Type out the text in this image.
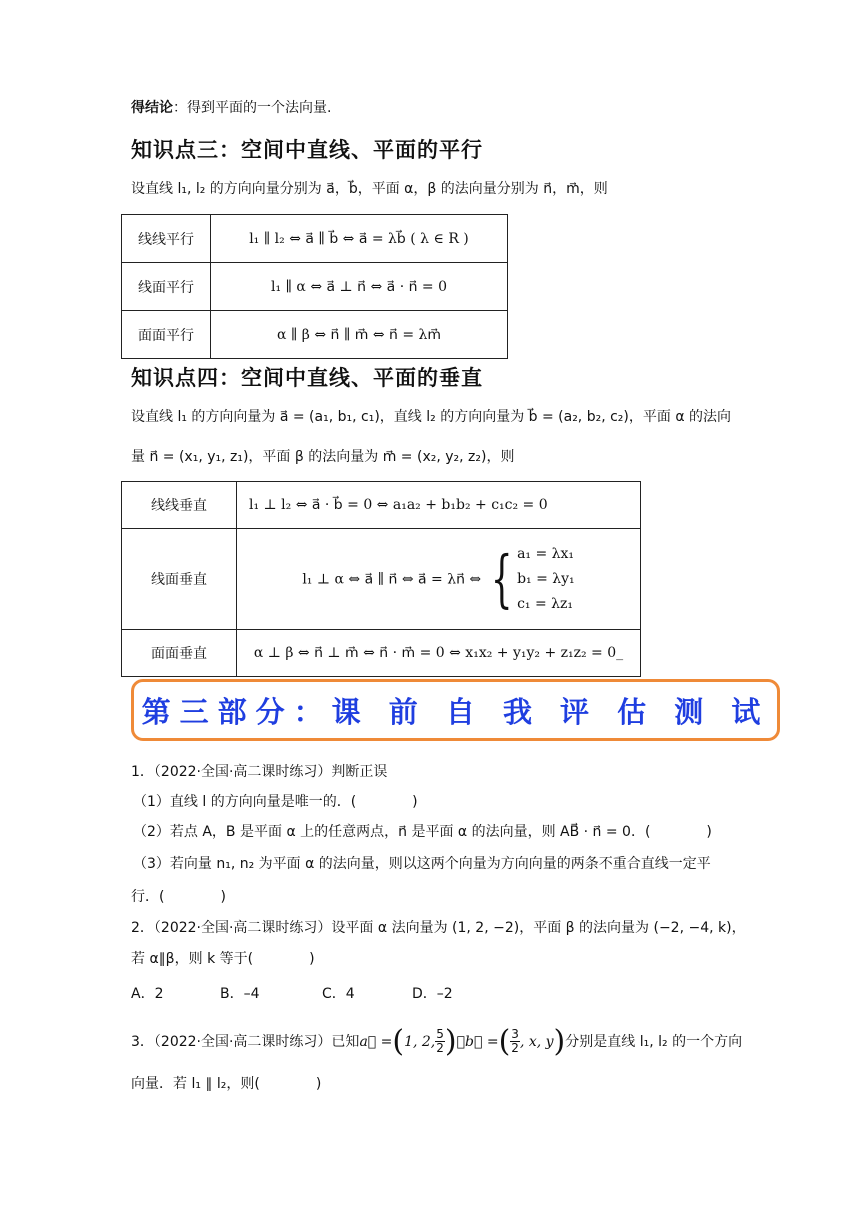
得结论：得到平面的一个法向量.
知识点三：空间中直线、平面的平行
设直线 l₁, l₂ 的方向向量分别为 a⃗，b⃗，平面 α，β 的法向量分别为 n⃗，m⃗，则
线线平行	l₁ ∥ l₂ ⇔ a⃗ ∥ b⃗ ⇔ a⃗ = λb⃗ ( λ ∈ R )
线面平行	l₁ ∥ α ⇔ a⃗ ⊥ n⃗ ⇔ a⃗ · n⃗ = 0
面面平行	α ∥ β ⇔ n⃗ ∥ m⃗ ⇔ n⃗ = λm⃗
知识点四：空间中直线、平面的垂直
设直线 l₁ 的方向向量为 a⃗ = (a₁, b₁, c₁)，直线 l₂ 的方向向量为 b⃗ = (a₂, b₂, c₂)，平面 α 的法向
量 n⃗ = (x₁, y₁, z₁)，平面 β 的法向量为 m⃗ = (x₂, y₂, z₂)，则
线线垂直	l₁ ⊥ l₂ ⇔ a⃗ · b⃗ = 0 ⇔ a₁a₂ + b₁b₂ + c₁c₂ = 0
线面垂直	l₁ ⊥ α ⇔ a⃗ ∥ n⃗ ⇔ a⃗ = λn⃗ ⇔ { a₁ = λx₁
b₁ = λy₁
c₁ = λz₁

面面垂直	α ⊥ β ⇔ n⃗ ⊥ m⃗ ⇔ n⃗ · m⃗ = 0 ⇔ x₁x₂ + y₁y₂ + z₁z₂ = 0_
第三部分：课 前 自 我 评 估 测 试
1．（2022·全国·高二课时练习）判断正误
（1）直线 l 的方向向量是唯一的．(　　　　)
（2）若点 A，B 是平面 α 上的任意两点，n⃗ 是平面 α 的法向量，则 AB⃗ · n⃗ = 0．(　　　　)
（3）若向量 n₁, n₂ 为平面 α 的法向量，则以这两个向量为方向向量的两条不重合直线一定平
行．(　　　　)
2．（2022·全国·高二课时练习）设平面 α 法向量为 (1, 2, −2)，平面 β 的法向量为 (−2, −4, k)，
若 α∥β，则 k 等于(　　　　)
A．2	B．–4	C．4	D．–2
3．（2022·全国·高二课时练习）已知 a⃗ = ( 1, 2, $\frac{5}{2}$ ) ，b⃗ = ( $\frac{3}{2}$ , x, y ) 分别是直线 l₁, l₂ 的一个方向
向量．若 l₁ ∥ l₂，则(　　　　)
